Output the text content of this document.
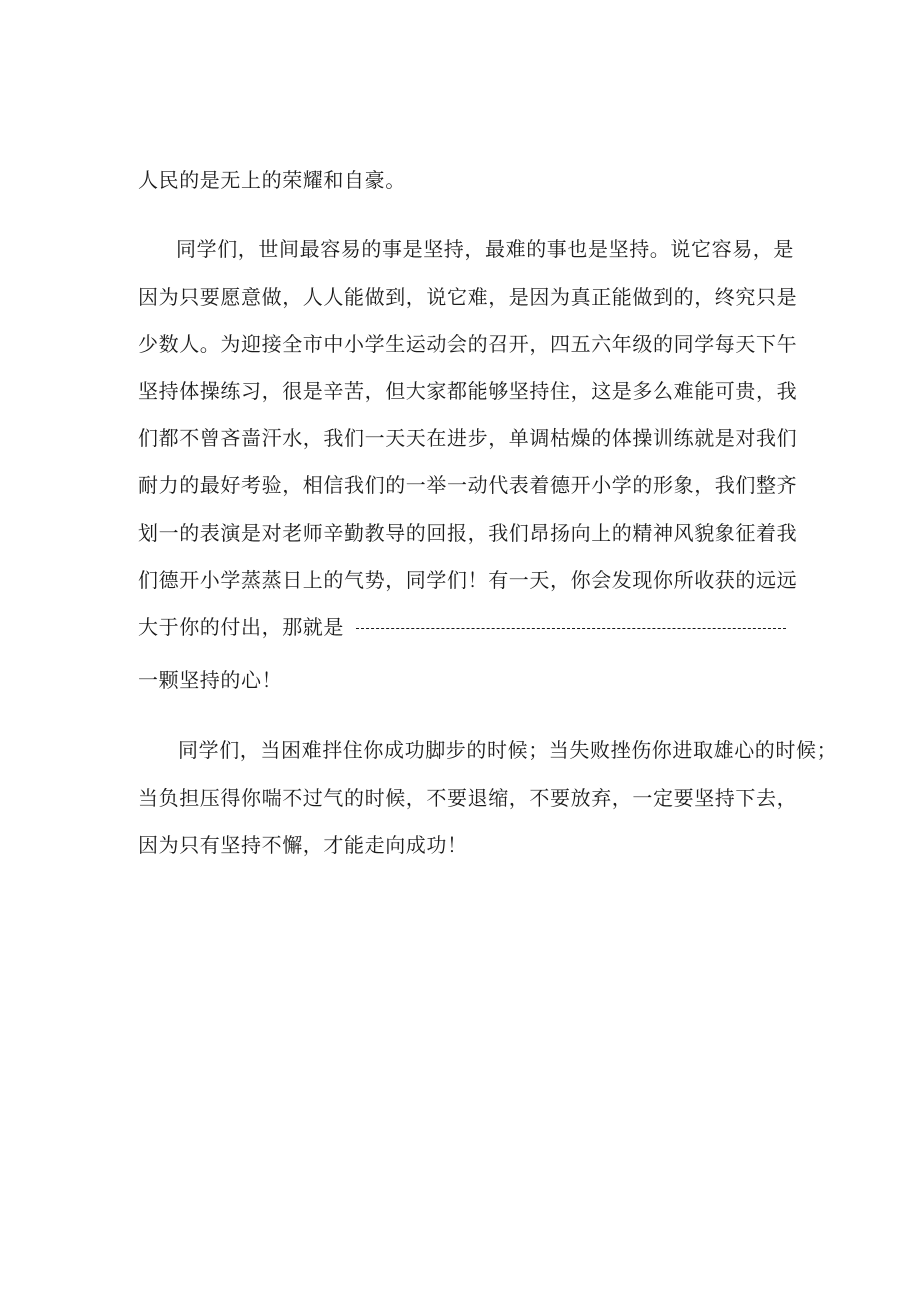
人民的是无上的荣耀和自豪。
同学们，世间最容易的事是坚持，最难的事也是坚持。说它容易，是
因为只要愿意做，人人能做到，说它难，是因为真正能做到的，终究只是
少数人。为迎接全市中小学生运动会的召开，四五六年级的同学每天下午
坚持体操练习，很是辛苦，但大家都能够坚持住，这是多么难能可贵，我
们都不曾吝啬汗水，我们一天天在进步，单调枯燥的体操训练就是对我们
耐力的最好考验，相信我们的一举一动代表着德开小学的形象，我们整齐
划一的表演是对老师辛勤教导的回报，我们昂扬向上的精神风貌象征着我
们德开小学蒸蒸日上的气势，同学们！有一天，你会发现你所收获的远远
大于你的付出，那就是
一颗坚持的心！
同学们，当困难拌住你成功脚步的时候；当失败挫伤你进取雄心的时候；
当负担压得你喘不过气的时候，不要退缩，不要放弃，一定要坚持下去，
因为只有坚持不懈，才能走向成功！
